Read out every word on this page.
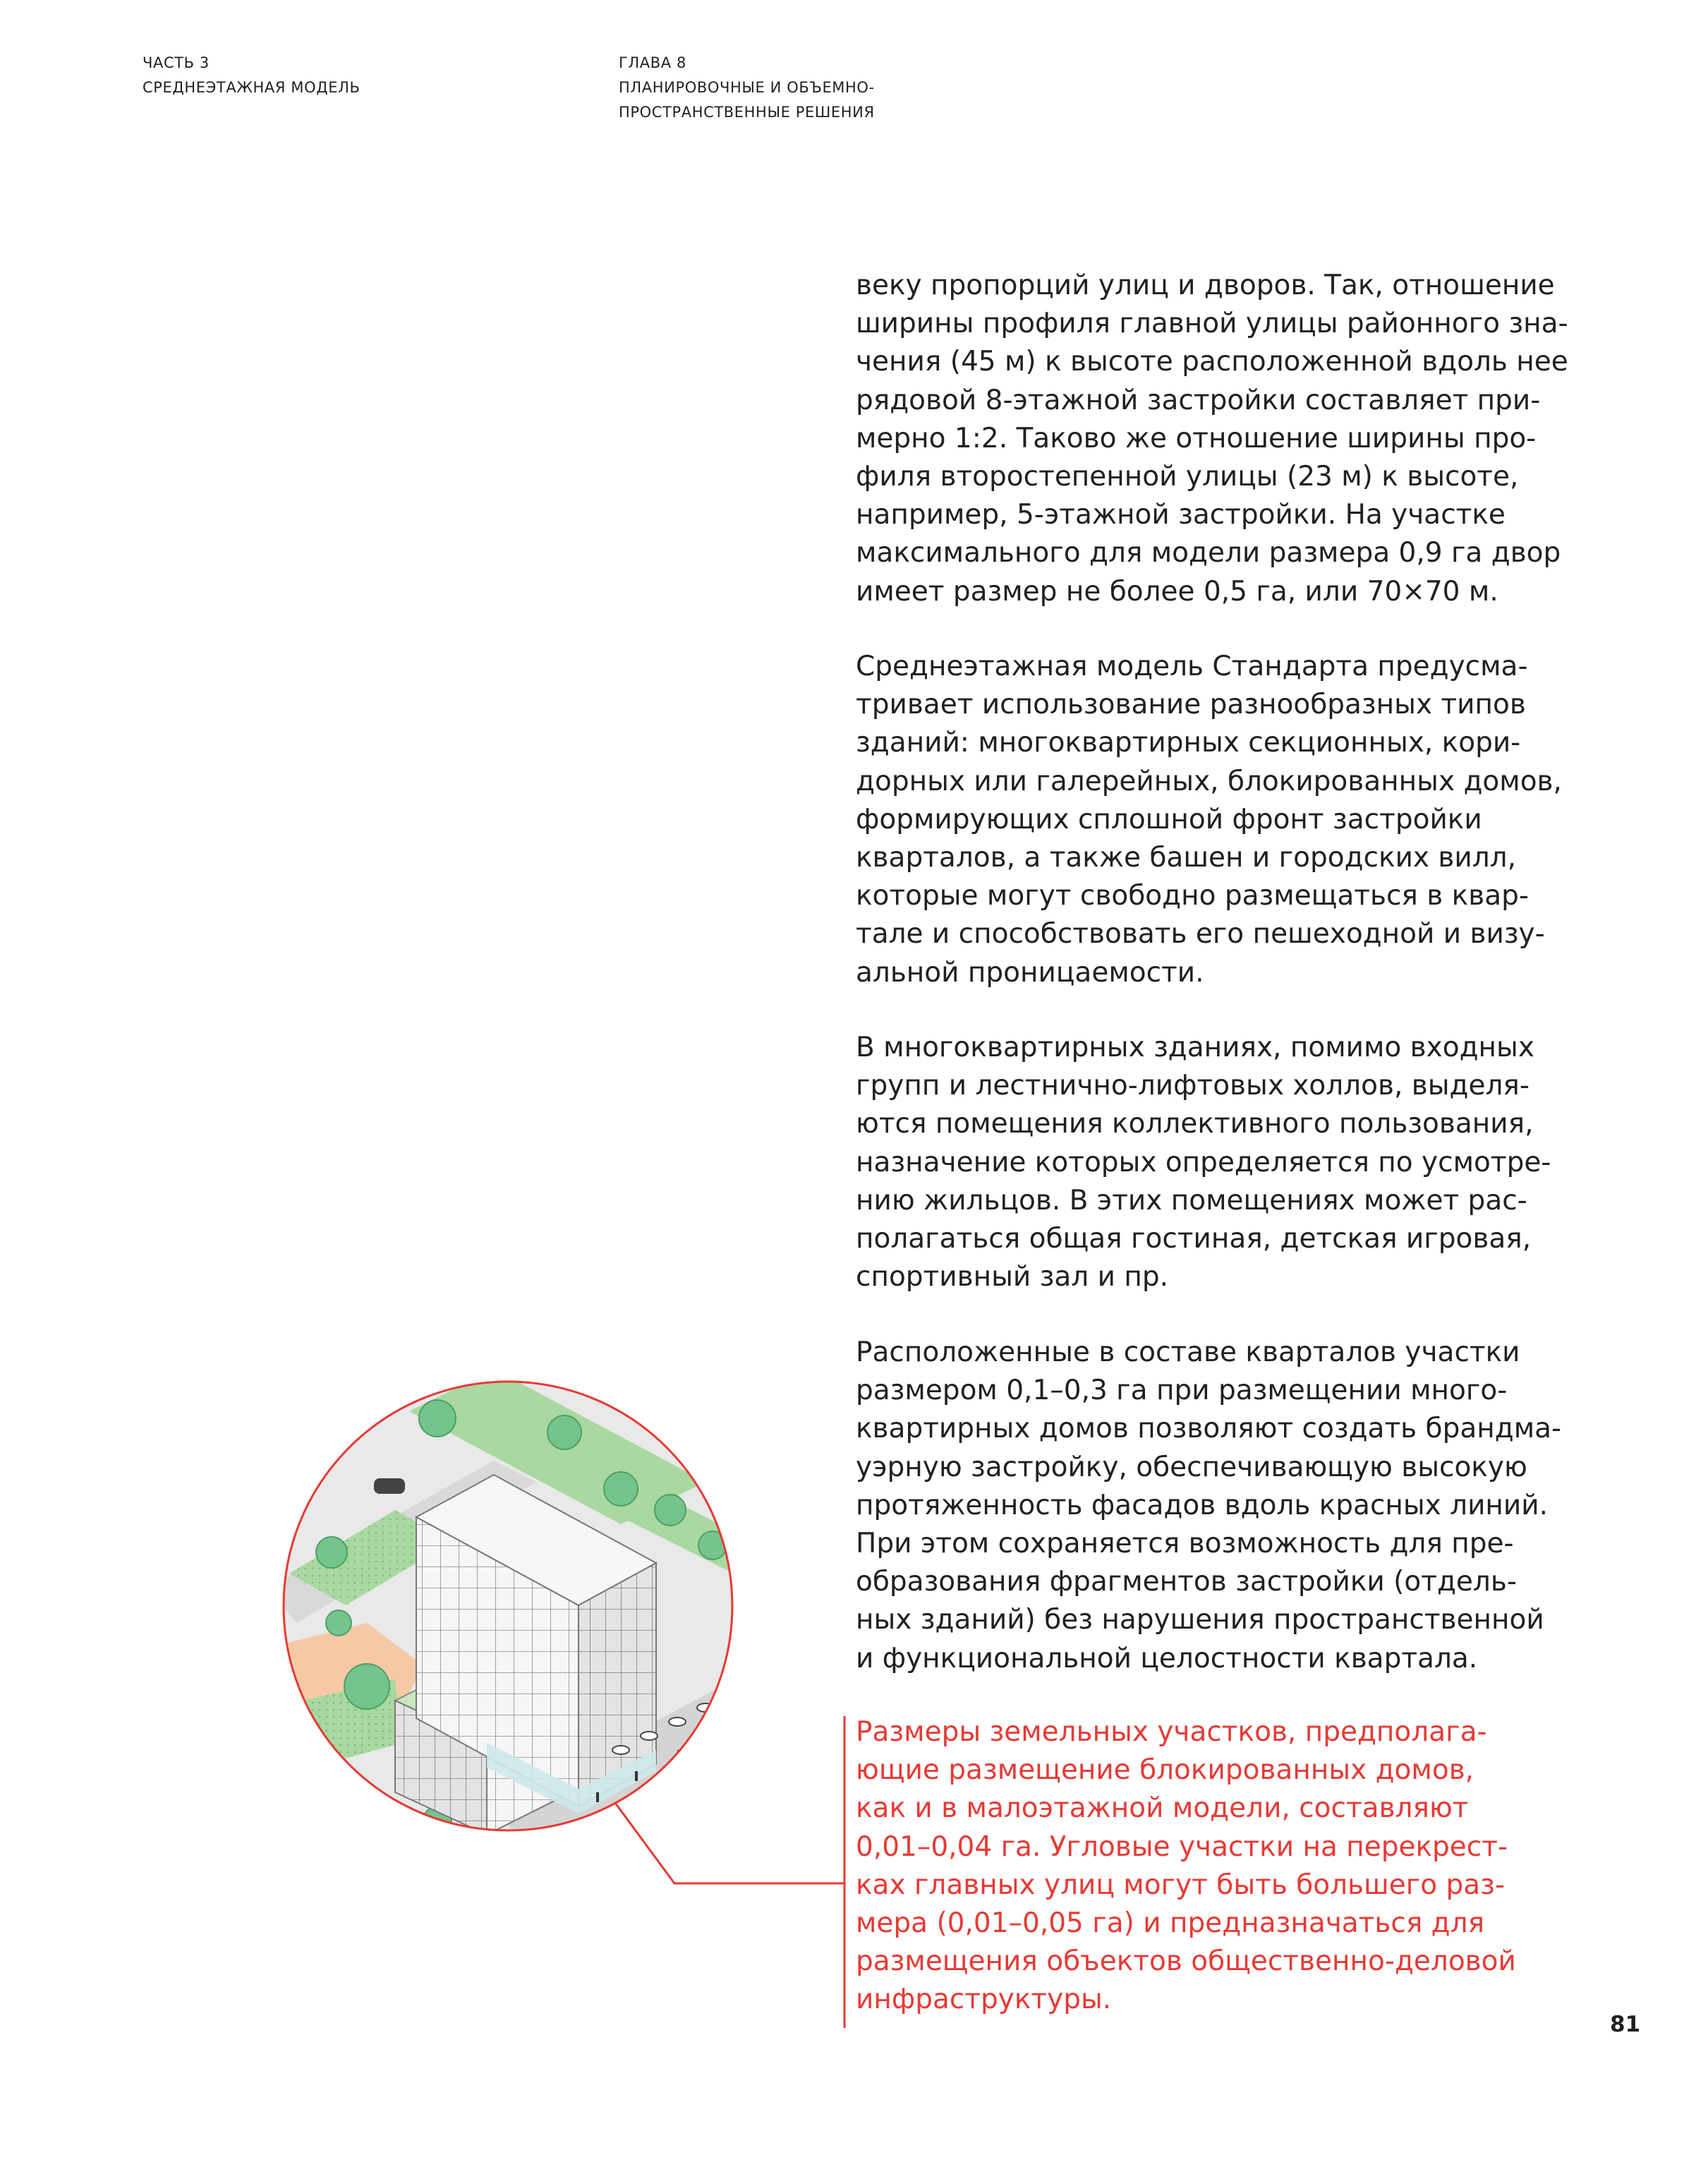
ЧАСТЬ 3
СРЕДНЕЭТАЖНАЯ МОДЕЛЬ
ГЛАВА 8
ПЛАНИРОВОЧНЫЕ И ОБЪЕМНО-
ПРОСТРАНСТВЕННЫЕ РЕШЕНИЯ
веку пропорций улиц и дворов. Так, отношение
ширины профиля главной улицы районного зна-
чения (45 м) к высоте расположенной вдоль нее
рядовой 8-этажной застройки составляет при-
мерно 1:2. Таково же отношение ширины про-
филя второстепенной улицы (23 м) к высоте,
например, 5-этажной застройки. На участке
максимального для модели размера 0,9 га двор
имеет размер не более 0,5 га, или 70×70 м.
Среднеэтажная модель Стандарта предусма-
тривает использование разнообразных типов
зданий: многоквартирных секционных, кори-
дорных или галерейных, блокированных домов,
формирующих сплошной фронт застройки
кварталов, а также башен и городских вилл,
которые могут свободно размещаться в квар-
тале и способствовать его пешеходной и визу-
альной проницаемости.
В многоквартирных зданиях, помимо входных
групп и лестнично-лифтовых холлов, выделя-
ются помещения коллективного пользования,
назначение которых определяется по усмотре-
нию жильцов. В этих помещениях может рас-
полагаться общая гостиная, детская игровая,
спортивный зал и пр.
Расположенные в составе кварталов участки
размером 0,1–0,3 га при размещении много-
квартирных домов позволяют создать брандма-
уэрную застройку, обеспечивающую высокую
протяженность фасадов вдоль красных линий.
При этом сохраняется возможность для пре-
образования фрагментов застройки (отдель-
ных зданий) без нарушения пространственной
и функциональной целостности квартала.
Размеры земельных участков, предполага-
ющие размещение блокированных домов,
как и в малоэтажной модели, составляют
0,01–0,04 га. Угловые участки на перекрест-
ках главных улиц могут быть большего раз-
мера (0,01–0,05 га) и предназначаться для
размещения объектов общественно-деловой
инфраструктуры.
81
